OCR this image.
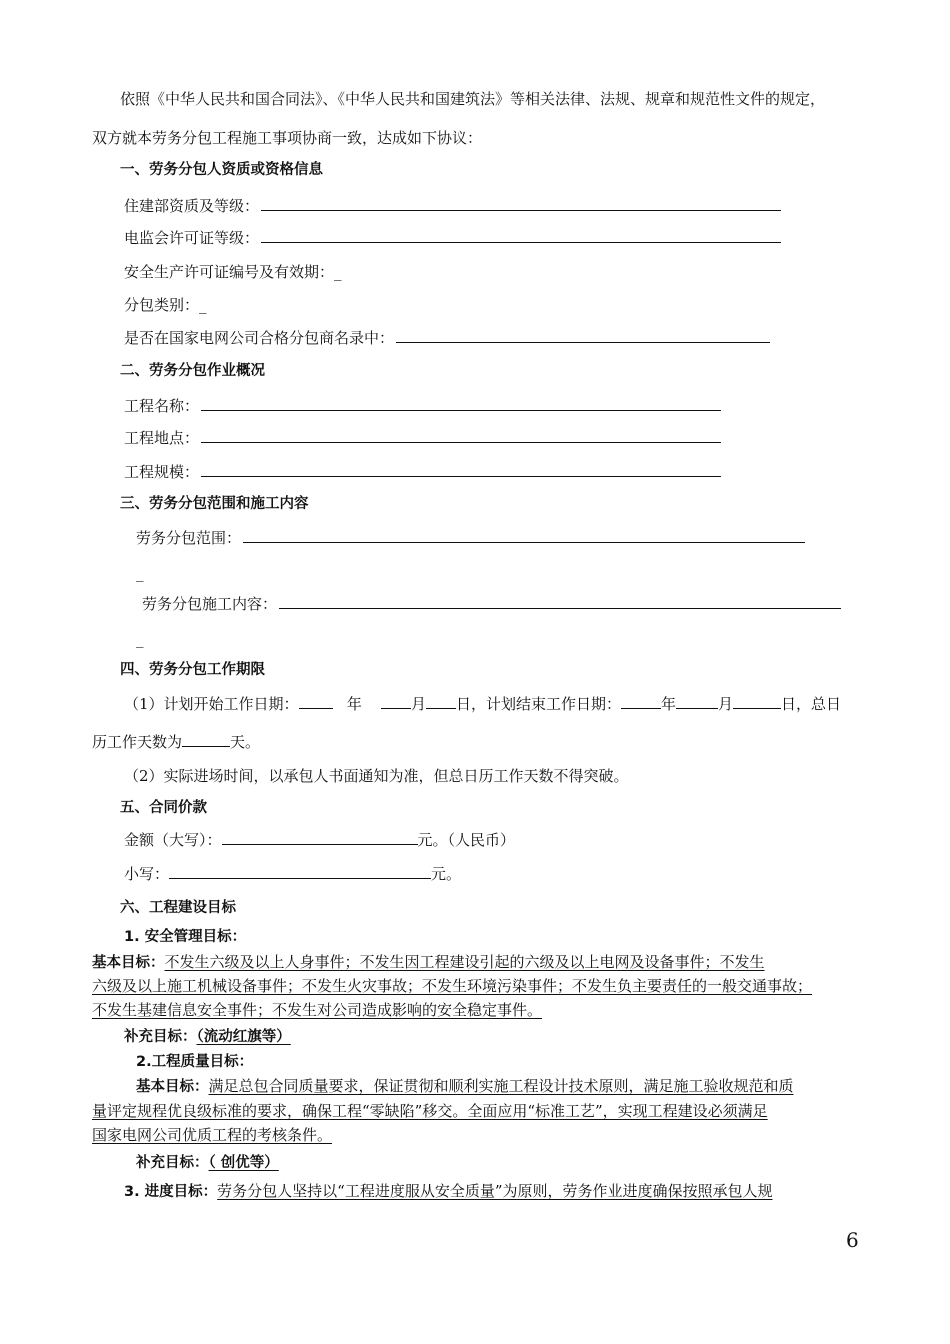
依照《中华人民共和国合同法》、《中华人民共和国建筑法》等相关法律、法规、规章和规范性文件的规定，
双方就本劳务分包工程施工事项协商一致，达成如下协议：
一、劳务分包人资质或资格信息
住建部资质及等级：
电监会许可证等级：
安全生产许可证编号及有效期：_
分包类别：_
是否在国家电网公司合格分包商名录中：
二、劳务分包作业概况
工程名称：
工程地点：
工程规模：
三、劳务分包范围和施工内容
劳务分包范围：
_
劳务分包施工内容：
_
四、劳务分包工作期限
（1）计划开始工作日期：	年	月 日，计划结束工作日期：	年	月	日，总日
历工作天数为	天。
（2）实际进场时间，以承包人书面通知为准，但总日历工作天数不得突破。
五、合同价款
金额（大写）：	元。（人民币）
小写：	元。
六、工程建设目标
1. 安全管理目标：
基本目标：不发生六级及以上人身事件；不发生因工程建设引起的六级及以上电网及设备事件；不发生
六级及以上施工机械设备事件；不发生火灾事故；不发生环境污染事件；不发生负主要责任的一般交通事故；
不发生基建信息安全事件；不发生对公司造成影响的安全稳定事件。
补充目标：（流动红旗等）
2.工程质量目标：
基本目标：满足总包合同质量要求，保证贯彻和顺利实施工程设计技术原则，满足施工验收规范和质
量评定规程优良级标准的要求，确保工程“零缺陷”移交。全面应用“标准工艺”，实现工程建设必须满足
国家电网公司优质工程的考核条件。
补充目标：（ 创优等）
3. 进度目标：劳务分包人坚持以“工程进度服从安全质量”为原则，劳务作业进度确保按照承包人规
6
